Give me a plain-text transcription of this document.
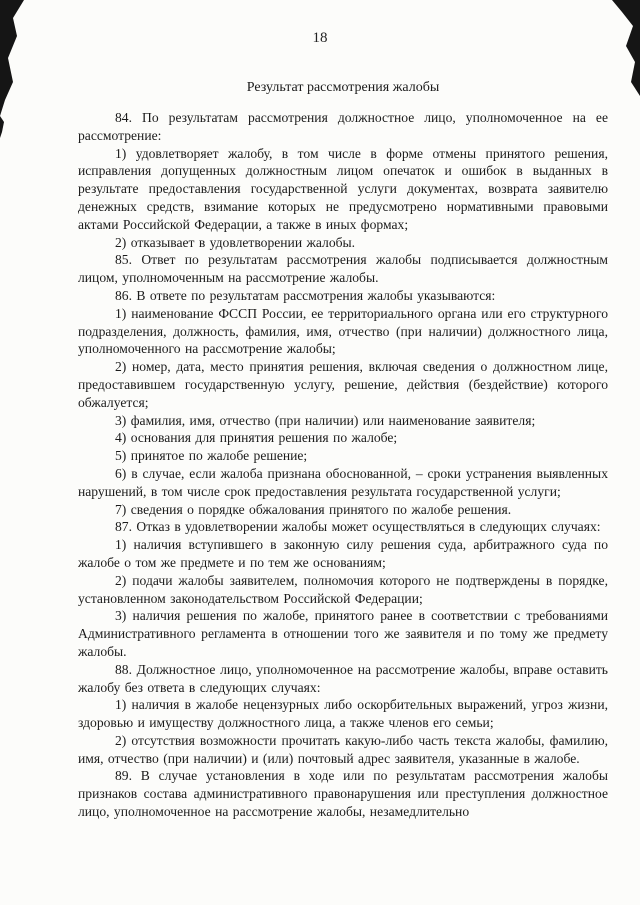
18
Результат рассмотрения жалобы

84. По результатам рассмотрения должностное лицо, уполномоченное на ее рассмотрение:

1) удовлетворяет жалобу, в том числе в форме отмены принятого решения, исправления допущенных должностным лицом опечаток и ошибок в выданных в результате предоставления государственной услуги документах, возврата заявителю денежных средств, взимание которых не предусмотрено нормативными правовыми актами Российской Федерации, а также в иных формах;

2) отказывает в удовлетворении жалобы.

85. Ответ по результатам рассмотрения жалобы подписывается должностным лицом, уполномоченным на рассмотрение жалобы.

86. В ответе по результатам рассмотрения жалобы указываются:

1) наименование ФССП России, ее территориального органа или его структурного подразделения, должность, фамилия, имя, отчество (при наличии) должностного лица, уполномоченного на рассмотрение жалобы;

2) номер, дата, место принятия решения, включая сведения о должностном лице, предоставившем государственную услугу, решение, действия (бездействие) которого обжалуется;

3) фамилия, имя, отчество (при наличии) или наименование заявителя;

4) основания для принятия решения по жалобе;

5) принятое по жалобе решение;

6) в случае, если жалоба признана обоснованной, – сроки устранения выявленных нарушений, в том числе срок предоставления результата государственной услуги;

7) сведения о порядке обжалования принятого по жалобе решения.

87. Отказ в удовлетворении жалобы может осуществляться в следующих случаях:

1) наличия вступившего в законную силу решения суда, арбитражного суда по жалобе о том же предмете и по тем же основаниям;

2) подачи жалобы заявителем, полномочия которого не подтверждены в порядке, установленном законодательством Российской Федерации;

3) наличия решения по жалобе, принятого ранее в соответствии с требованиями Административного регламента в отношении того же заявителя и по тому же предмету жалобы.

88. Должностное лицо, уполномоченное на рассмотрение жалобы, вправе оставить жалобу без ответа в следующих случаях:

1) наличия в жалобе нецензурных либо оскорбительных выражений, угроз жизни, здоровью и имуществу должностного лица, а также членов его семьи;

2) отсутствия возможности прочитать какую-либо часть текста жалобы, фамилию, имя, отчество (при наличии) и (или) почтовый адрес заявителя, указанные в жалобе.

89. В случае установления в ходе или по результатам рассмотрения жалобы признаков состава административного правонарушения или преступления должностное лицо, уполномоченное на рассмотрение жалобы, незамедлительно
